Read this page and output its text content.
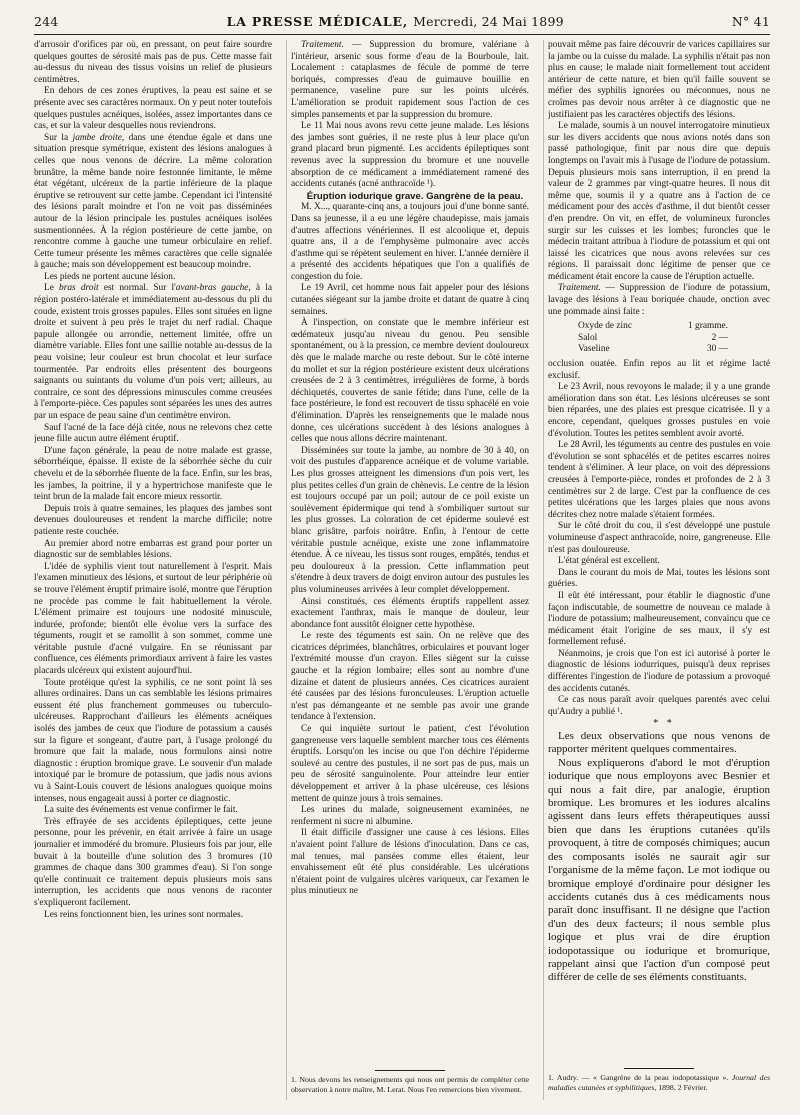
244	LA PRESSE MÉDICALE, Mercredi, 24 Mai 1899	N° 41

d'arrosoir d'orifices par où, en pressant, on peut faire sourdre quelques gouttes de sérosité mais pas de pus. Cette masse fait au-dessus du niveau des tissus voisins un relief de plusieurs centimètres.

En dehors de ces zones éruptives, la peau est saine et se présente avec ses caractères normaux. On y peut noter toutefois quelques pustules acnéiques, isolées, assez importantes dans ce cas, et sur la valeur desquelles nous reviendrons.

Sur la jambe droite, dans une étendue égale et dans une situation presque symétrique, existent des lésions analogues à celles que nous venons de décrire. La même coloration brunâtre, la même bande noire festonnée limitante, le même état végétant, ulcéreux de la partie inférieure de la plaque éruptive se retrouvent sur cette jambe. Cependant ici l'intensité des lésions paraît moindre et l'on ne voit pas disséminées autour de la lésion principale les pustules acnéiques isolées susmentionnées. À la région postérieure de cette jambe, on rencontre comme à gauche une tumeur orbiculaire en relief. Cette tumeur présente les mêmes caractères que celle signalée à gauche; mais son développement est beaucoup moindre.

Les pieds ne portent aucune lésion.

Le bras droit est normal. Sur l'avant-bras gauche, à la région postéro-latérale et immédiatement au-dessous du pli du coude, existent trois grosses papules. Elles sont situées en ligne droite et suivent à peu près le trajet du nerf radial. Chaque papule allongée ou arrondie, nettement limitée, offre un diamètre variable. Elles font une saillie notable au-dessus de la peau voisine; leur couleur est brun chocolat et leur surface tourmentée. Par endroits elles présentent des bourgeons saignants ou suintants du volume d'un pois vert; ailleurs, au contraire, ce sont des dépressions minuscules comme creusées à l'emporte-pièce. Ces papules sont séparées les unes des autres par un espace de peau saine d'un centimètre environ.

Sauf l'acné de la face déjà citée, nous ne relevons chez cette jeune fille aucun autre élément éruptif.

D'une façon générale, la peau de notre malade est grasse, séborrhéique, épaisse. Il existe de la séborrhée sèche du cuir chevelu et de la séborrhée fluente de la face. Enfin, sur les bras, les jambes, la poitrine, il y a hypertrichose manifeste que le teint brun de la malade fait encore mieux ressortir.

Depuis trois à quatre semaines, les plaques des jambes sont devenues douloureuses et rendent la marche difficile; notre patiente reste couchée.

Au premier abord notre embarras est grand pour porter un diagnostic sur de semblables lésions.

L'idée de syphilis vient tout naturellement à l'esprit. Mais l'examen minutieux des lésions, et surtout de leur périphérie où se trouve l'élément éruptif primaire isolé, montre que l'éruption ne procède pas comme le fait habituellement la vérole. L'élément primaire est toujours une nodosité minuscule, indurée, profonde; bientôt elle évolue vers la surface des téguments, rougit et se ramollit à son sommet, comme une véritable pustule d'acné vulgaire. En se réunissant par confluence, ces éléments primordiaux arrivent à faire les vastes placards ulcéreux qui existent aujourd'hui.

Toute protéique qu'est la syphilis, ce ne sont point là ses allures ordinaires. Dans un cas semblable les lésions primaires eussent été plus franchement gommeuses ou tuberculo-ulcéreuses. Rapprochant d'ailleurs les éléments acnéiques isolés des jambes de ceux que l'iodure de potassium a causés sur la figure et songeant, d'autre part, à l'usage prolongé du bromure que fait la malade, nous formulons ainsi notre diagnostic : éruption bromique grave. Le souvenir d'un malade intoxiqué par le bromure de potassium, que jadis nous avions vu à Saint-Louis couvert de lésions analogues quoique moins intenses, nous engageait aussi à porter ce diagnostic.

La suite des événements est venue confirmer le fait.

Très effrayée de ses accidents épileptiques, cette jeune personne, pour les prévenir, en était arrivée à faire un usage journalier et immodéré du bromure. Plusieurs fois par jour, elle buvait à la bouteille d'une solution des 3 bromures (10 grammes de chaque dans 300 grammes d'eau). Si l'on songe qu'elle continuait ce traitement depuis plusieurs mois sans interruption, les accidents que nous venons de raconter s'expliqueront facilement.

Les reins fonctionnent bien, les urines sont normales.

Traitement. — Suppression du bromure, valériane à l'intérieur, arsenic sous forme d'eau de la Bourboule, lait. Localement : cataplasmes de fécule de pomme de terre boriqués, compresses d'eau de guimauve bouillie en permanence, vaseline pure sur les points ulcérés. L'amélioration se produit rapidement sous l'action de ces simples pansements et par la suppression du bromure.

Le 11 Mai nous avons revu cette jeune malade. Les lésions des jambes sont guéries, il ne reste plus à leur place qu'un grand placard brun pigmenté. Les accidents épileptiques sont revenus avec la suppression du bromure et une nouvelle absorption de ce médicament a immédiatement ramené des accidents cutanés (acné anthracoïde ¹).

Éruption iodurique grave. Gangrène de la peau.

M. X..., quarante-cinq ans, a toujours joui d'une bonne santé. Dans sa jeunesse, il a eu une légère chaudepisse, mais jamais d'autres affections vénériennes. Il est alcoolique et, depuis quatre ans, il a de l'emphysème pulmonaire avec accès d'asthme qui se répètent seulement en hiver. L'année dernière il a présenté des accidents hépatiques que l'on a qualifiés de congestion du foie.

Le 19 Avril, cet homme nous fait appeler pour des lésions cutanées siégeant sur la jambe droite et datant de quatre à cinq semaines.

À l'inspection, on constate que le membre inférieur est œdémateux jusqu'au niveau du genou. Peu sensible spontanément, ou à la pression, ce membre devient douloureux dès que le malade marche ou reste debout. Sur le côté interne du mollet et sur la région postérieure existent deux ulcérations creusées de 2 à 3 centimètres, irrégulières de forme, à bords déchiquetés, couvertes de sanie fétide; dans l'une, celle de la face postérieure, le fond est recouvert de tissu sphacélé en voie d'élimination. D'après les renseignements que le malade nous donne, ces ulcérations succèdent à des lésions analogues à celles que nous allons décrire maintenant.

Disséminées sur toute la jambe, au nombre de 30 à 40, on voit des pustules d'apparence acnéique et de volume variable. Les plus grosses atteignent les dimensions d'un pois vert, les plus petites celles d'un grain de chènevis. Le centre de la lésion est toujours occupé par un poil; autour de ce poil existe un soulèvement épidermique qui tend à s'ombiliquer surtout sur les plus grosses. La coloration de cet épiderme soulevé est blanc grisâtre, parfois noirâtre. Enfin, à l'entour de cette véritable pustule acnéique, existe une zone inflammatoire étendue. À ce niveau, les tissus sont rouges, empâtés, tendus et peu douloureux à la pression. Cette inflammation peut s'étendre à deux travers de doigt environ autour des pustules les plus volumineuses arrivées à leur complet développement.

Ainsi constitués, ces éléments éruptifs rappellent assez exactement l'anthrax, mais le manque de douleur, leur abondance font aussitôt éloigner cette hypothèse.

Le reste des téguments est sain. On ne relève que des cicatrices déprimées, blanchâtres, orbiculaires et pouvant loger l'extrémité mousse d'un crayon. Elles siègent sur la cuisse gauche et la région lombaire; elles sont au nombre d'une dizaine et datent de plusieurs années. Ces cicatrices auraient été causées par des lésions furonculeuses. L'éruption actuelle n'est pas démangeante et ne semble pas avoir une grande tendance à l'extension.

Ce qui inquiète surtout le patient, c'est l'évolution gangreneuse vers laquelle semblent marcher tous ces éléments éruptifs. Lorsqu'on les incise ou que l'on déchire l'épiderme soulevé au centre des pustules, il ne sort pas de pus, mais un peu de sérosité sanguinolente. Pour atteindre leur entier développement et arriver à la phase ulcéreuse, ces lésions mettent de quinze jours à trois semaines.

Les urines du malade, soigneusement examinées, ne renferment ni sucre ni albumine.

Il était difficile d'assigner une cause à ces lésions. Elles n'avaient point l'allure de lésions d'inoculation. Dans ce cas, mal tenues, mal pansées comme elles étaient, leur envahissement eût été plus considérable. Les ulcérations n'étaient point de vulgaires ulcères variqueux, car l'examen le plus minutieux ne

1. Nous devons les renseignements qui nous ont permis de compléter cette observation à notre maître, M. Lerat. Nous l'en remercions bien vivement.

pouvait même pas faire découvrir de varices capillaires sur la jambe ou la cuisse du malade. La syphilis n'était pas non plus en cause; le malade niait formellement tout accident antérieur de cette nature, et bien qu'il faille souvent se méfier des syphilis ignorées ou méconnues, nous ne croîmes pas devoir nous arrêter à ce diagnostic que ne justifiaient pas les caractères objectifs des lésions.

Le malade, soumis à un nouvel interrogatoire minutieux sur les divers accidents que nous avions notés dans son passé pathologique, finit par nous dire que depuis longtemps on l'avait mis à l'usage de l'iodure de potassium. Depuis plusieurs mois sans interruption, il en prend la valeur de 2 grammes par vingt-quatre heures. Il nous dit même que, soumis il y a quatre ans à l'action de ce médicament pour des accès d'asthme, il dut bientôt cesser d'en prendre. On vit, en effet, de volumineux furoncles surgir sur les cuisses et les lombes; furoncles que le médecin traitant attribua à l'iodure de potassium et qui ont laissé les cicatrices que nous avons relevées sur ces régions. Il paraissait donc légitime de penser que ce médicament était encore la cause de l'éruption actuelle.

Traitement. — Suppression de l'iodure de potassium, lavage des lésions à l'eau boriquée chaude, onction avec une pommade ainsi faite :

Oxyde de zinc	1 gramme.
Salol	2 —
Vaseline	30 —

occlusion ouatée. Enfin repos au lit et régime lacté exclusif.

Le 23 Avril, nous revoyons le malade; il y a une grande amélioration dans son état. Les lésions ulcéreuses se sont bien réparées, une des plaies est presque cicatrisée. Il y a encore, cependant, quelques grosses pustules en voie d'évolution. Toutes les petites semblent avoir avorté.

Le 28 Avril, les téguments au centre des pustules en voie d'évolution se sont sphacélés et de petites escarres noires tendent à s'éliminer. À leur place, on voit des dépressions creusées à l'emporte-pièce, rondes et profondes de 2 à 3 centimètres sur 2 de large. C'est par la confluence de ces petites ulcérations que les larges plaies que nous avons décrites chez notre malade s'étaient formées.

Sur le côté droit du cou, il s'est développé une pustule volumineuse d'aspect anthracoïde, noire, gangreneuse. Elle n'est pas douloureuse.

L'état général est excellent.

Dans le courant du mois de Mai, toutes les lésions sont guéries.

Il eût été intéressant, pour établir le diagnostic d'une façon indiscutable, de soumettre de nouveau ce malade à l'iodure de potassium; malheureusement, convaincu que ce médicament était l'origine de ses maux, il s'y est formellement refusé.

Néanmoins, je crois que l'on est ici autorisé à porter le diagnostic de lésions iodurriques, puisqu'à deux reprises différentes l'ingestion de l'iodure de potassium a provoqué des accidents cutanés.

Ce cas nous paraît avoir quelques parentés avec celui qu'Audry a publié ¹.

* *

Les deux observations que nous venons de rapporter méritent quelques commentaires.

Nous expliquerons d'abord le mot d'éruption iodurique que nous employons avec Besnier et qui nous a fait dire, par analogie, éruption bromique. Les bromures et les iodures alcalins agissent dans leurs effets thérapeutiques aussi bien que dans les éruptions cutanées qu'ils provoquent, à titre de composés chimiques; aucun des composants isolés ne saurait agir sur l'organisme de la même façon. Le mot iodique ou bromique employé d'ordinaire pour désigner les accidents cutanés dus à ces médicaments nous paraît donc insuffisant. Il ne désigne que l'action d'un des deux facteurs; il nous semble plus logique et plus vrai de dire éruption iodopotassique ou iodurique et bromurique, rappelant ainsi que l'action d'un composé peut différer de celle de ses éléments constituants.

1. Audry. — « Gangrène de la peau iodopotassique ». Journal des maladies cutanées et syphilitiques, 1898, 2 Février.
